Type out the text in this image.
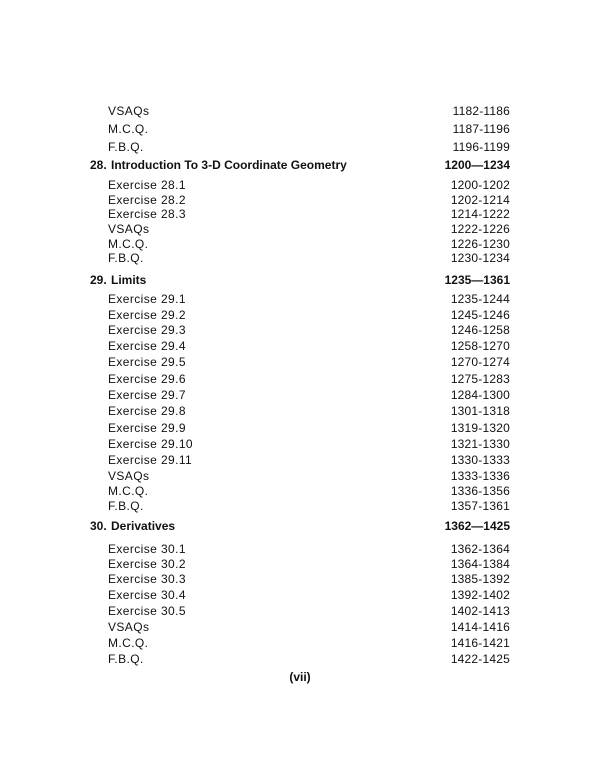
VSAQs	1182-1186
M.C.Q.	1187-1196
F.B.Q.	1196-1199
28. Introduction To 3-D Coordinate Geometry	1200—1234
Exercise 28.1	1200-1202
Exercise 28.2	1202-1214
Exercise 28.3	1214-1222
VSAQs	1222-1226
M.C.Q.	1226-1230
F.B.Q.	1230-1234
29. Limits	1235—1361
Exercise 29.1	1235-1244
Exercise 29.2	1245-1246
Exercise 29.3	1246-1258
Exercise 29.4	1258-1270
Exercise 29.5	1270-1274
Exercise 29.6	1275-1283
Exercise 29.7	1284-1300
Exercise 29.8	1301-1318
Exercise 29.9	1319-1320
Exercise 29.10	1321-1330
Exercise 29.11	1330-1333
VSAQs	1333-1336
M.C.Q.	1336-1356
F.B.Q.	1357-1361
30. Derivatives	1362—1425
Exercise 30.1	1362-1364
Exercise 30.2	1364-1384
Exercise 30.3	1385-1392
Exercise 30.4	1392-1402
Exercise 30.5	1402-1413
VSAQs	1414-1416
M.C.Q.	1416-1421
F.B.Q.	1422-1425
(vii)
